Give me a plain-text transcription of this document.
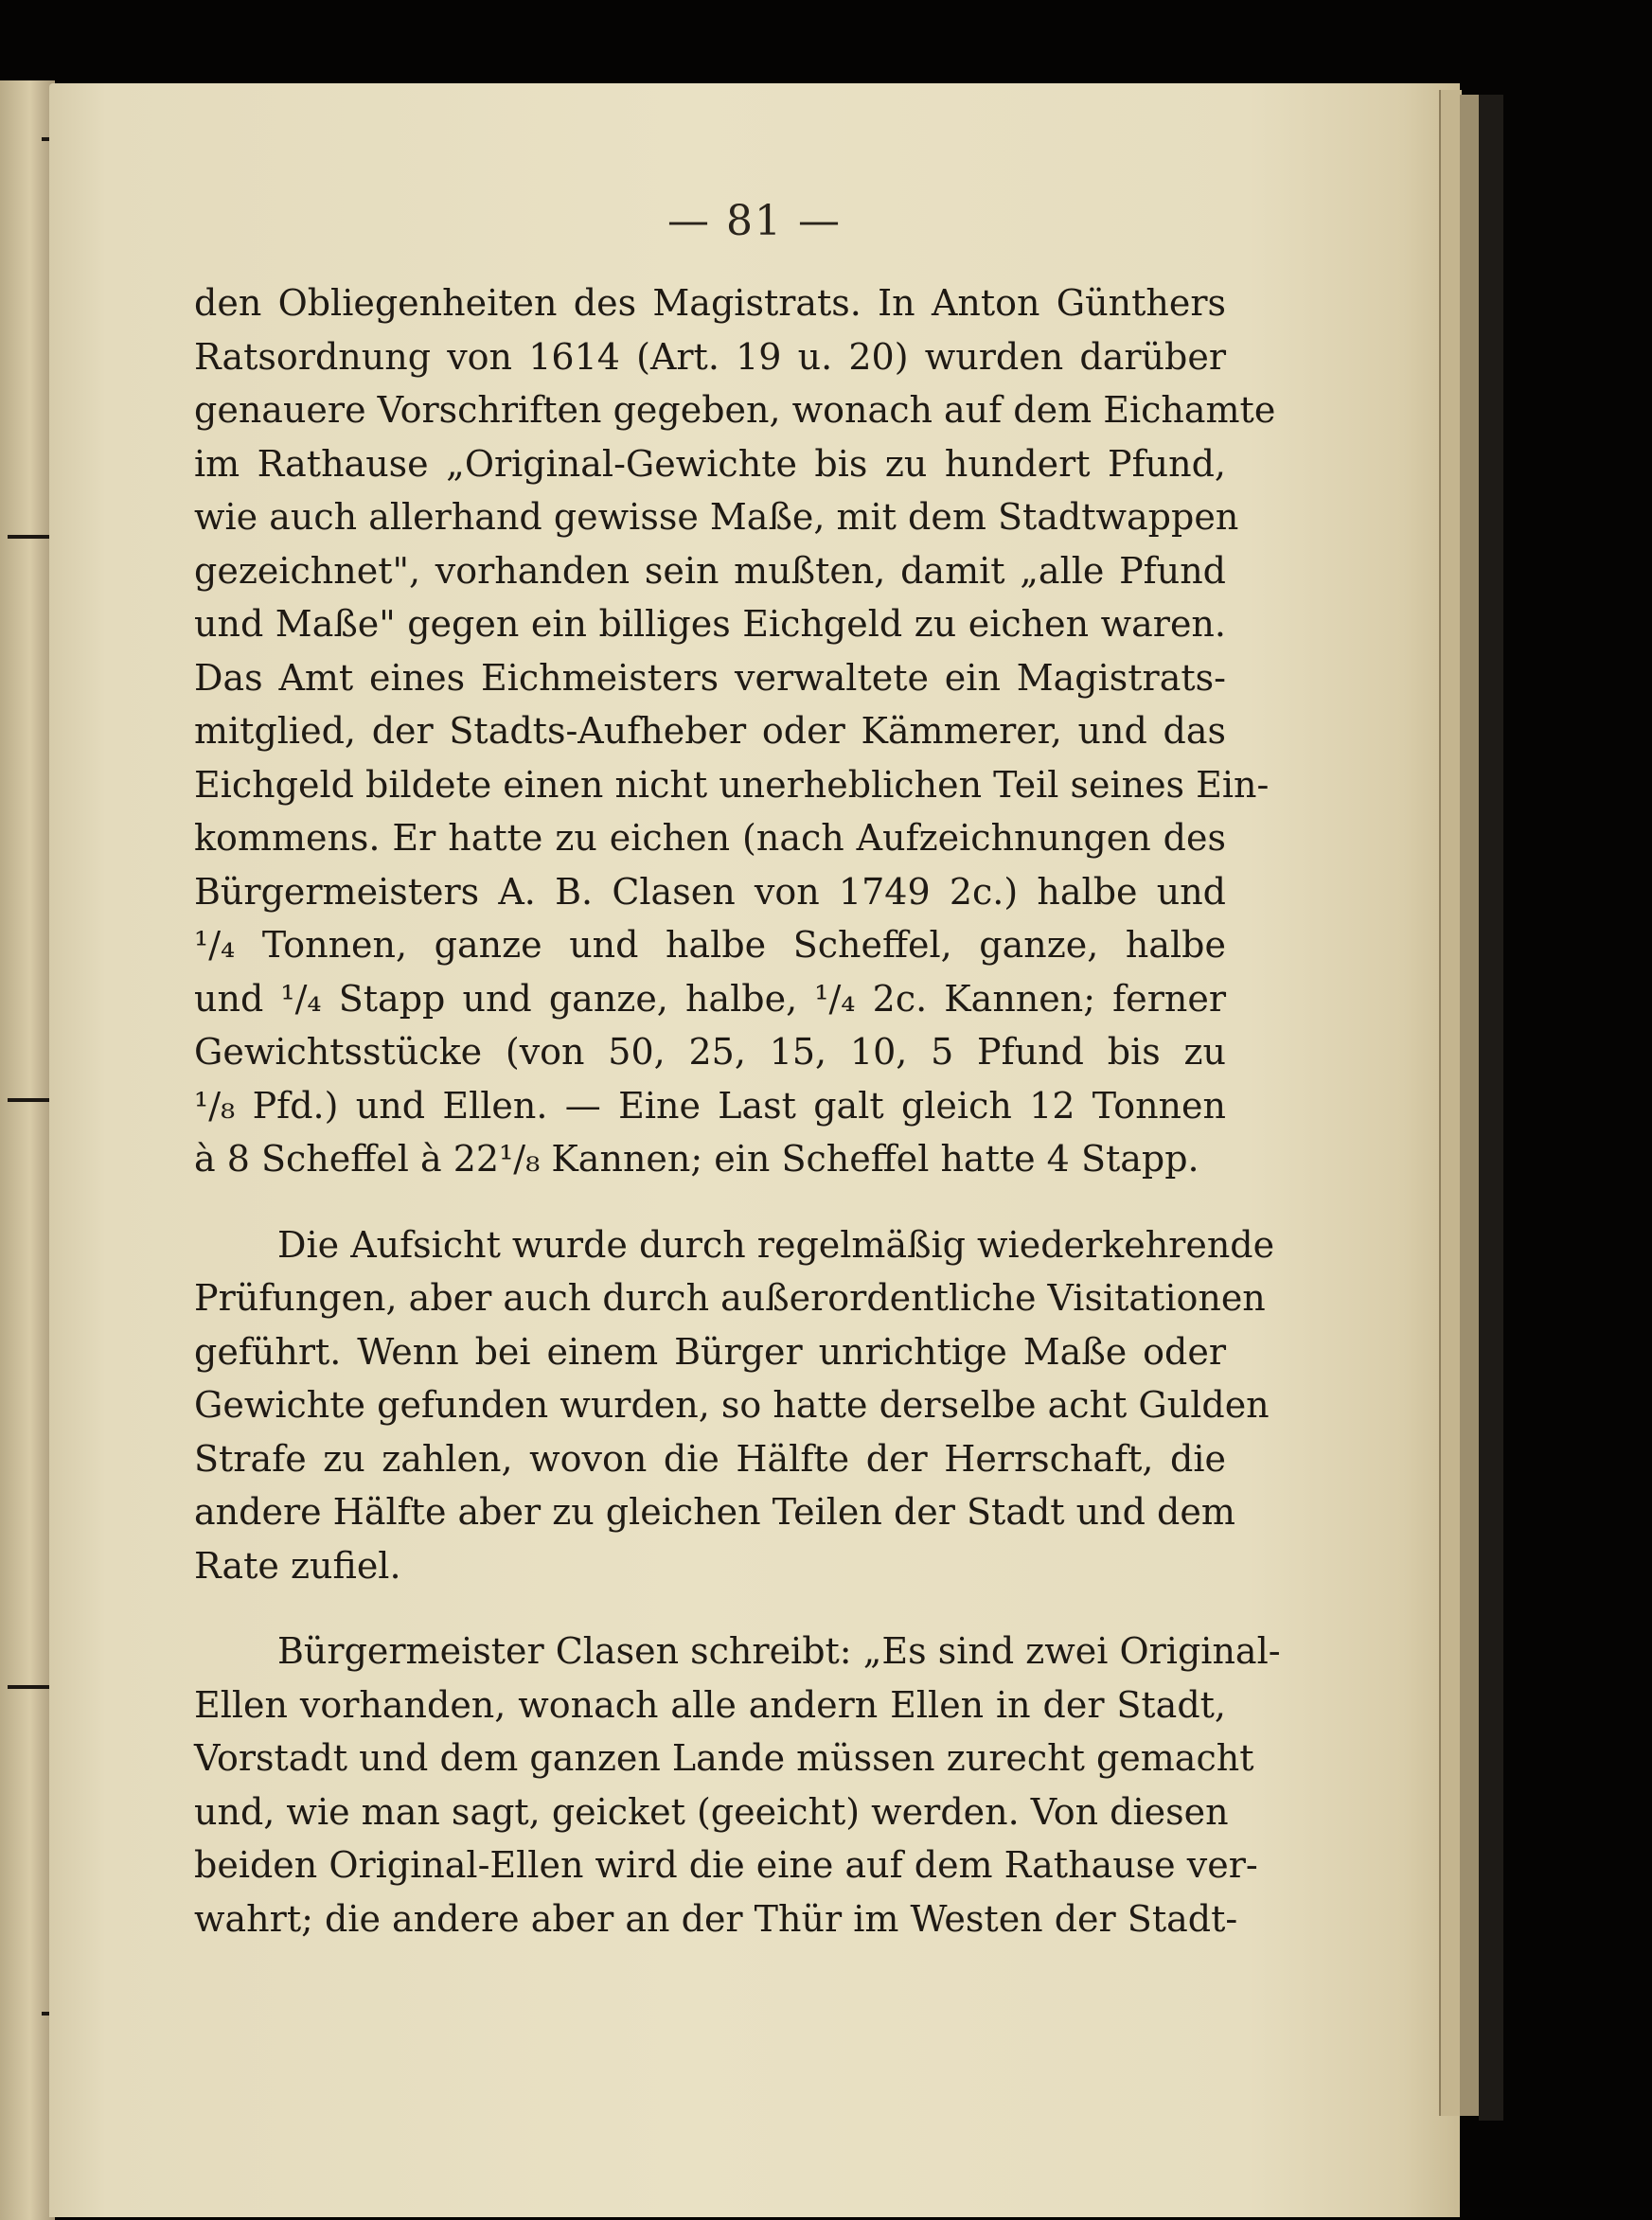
— 81 —

den Obliegenheiten des Magistrats. In Anton Günthers
Ratsordnung von 1614 (Art. 19 u. 20) wurden darüber
genauere Vorschriften gegeben, wonach auf dem Eichamte
im Rathause „Original-Gewichte bis zu hundert Pfund,
wie auch allerhand gewisse Maße, mit dem Stadtwappen
gezeichnet", vorhanden sein mußten, damit „alle Pfund
und Maße" gegen ein billiges Eichgeld zu eichen waren.
Das Amt eines Eichmeisters verwaltete ein Magistrats-
mitglied, der Stadts-Aufheber oder Kämmerer, und das
Eichgeld bildete einen nicht unerheblichen Teil seines Ein-
kommens. Er hatte zu eichen (nach Aufzeichnungen des
Bürgermeisters A. B. Clasen von 1749 2c.) halbe und
¹/₄ Tonnen, ganze und halbe Scheffel, ganze, halbe
und ¹/₄ Stapp und ganze, halbe, ¹/₄ 2c. Kannen; ferner
Gewichtsstücke (von 50, 25, 15, 10, 5 Pfund bis zu
¹/₈ Pfd.) und Ellen. — Eine Last galt gleich 12 Tonnen
à 8 Scheffel à 22¹/₈ Kannen; ein Scheffel hatte 4 Stapp.

Die Aufsicht wurde durch regelmäßig wiederkehrende
Prüfungen, aber auch durch außerordentliche Visitationen
geführt. Wenn bei einem Bürger unrichtige Maße oder
Gewichte gefunden wurden, so hatte derselbe acht Gulden
Strafe zu zahlen, wovon die Hälfte der Herrschaft, die
andere Hälfte aber zu gleichen Teilen der Stadt und dem
Rate zufiel.

Bürgermeister Clasen schreibt: „Es sind zwei Original-
Ellen vorhanden, wonach alle andern Ellen in der Stadt,
Vorstadt und dem ganzen Lande müssen zurecht gemacht
und, wie man sagt, geicket (geeicht) werden. Von diesen
beiden Original-Ellen wird die eine auf dem Rathause ver-
wahrt; die andere aber an der Thür im Westen der Stadt-
